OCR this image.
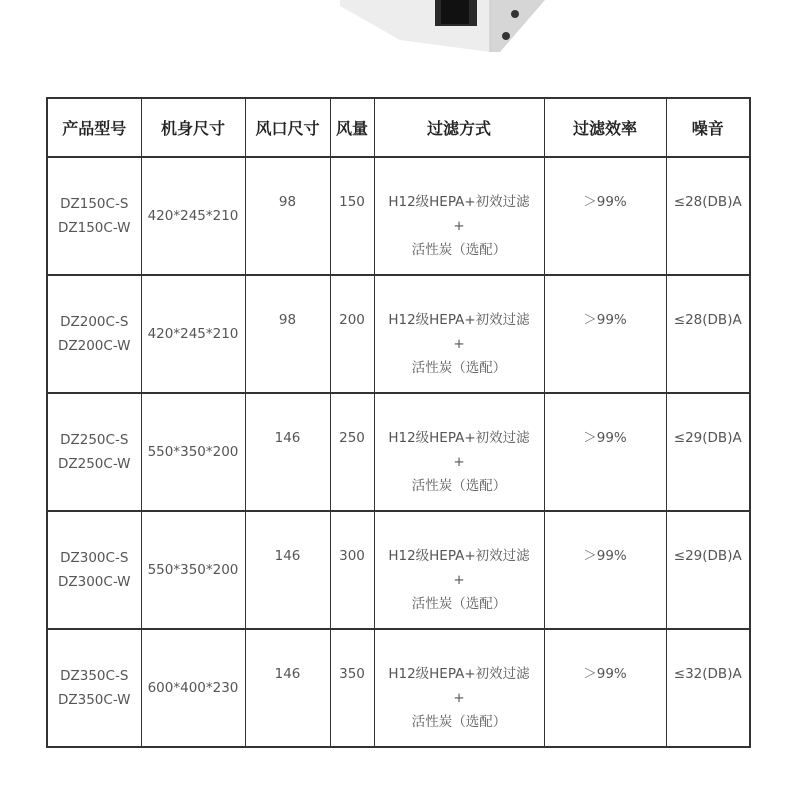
产品型号	机身尺寸	风口尺寸	风量	过滤方式	过滤效率	噪音

DZ150C-S
DZ150C-W	420*245*210	98	150	H12级HEPA+初效过滤
+
活性炭（选配）	＞99%	≤28(DB)A

DZ200C-S
DZ200C-W	420*245*210	98	200	H12级HEPA+初效过滤
+
活性炭（选配）	＞99%	≤28(DB)A

DZ250C-S
DZ250C-W	550*350*200	146	250	H12级HEPA+初效过滤
+
活性炭（选配）	＞99%	≤29(DB)A

DZ300C-S
DZ300C-W	550*350*200	146	300	H12级HEPA+初效过滤
+
活性炭（选配）	＞99%	≤29(DB)A

DZ350C-S
DZ350C-W	600*400*230	146	350	H12级HEPA+初效过滤
+
活性炭（选配）	＞99%	≤32(DB)A
